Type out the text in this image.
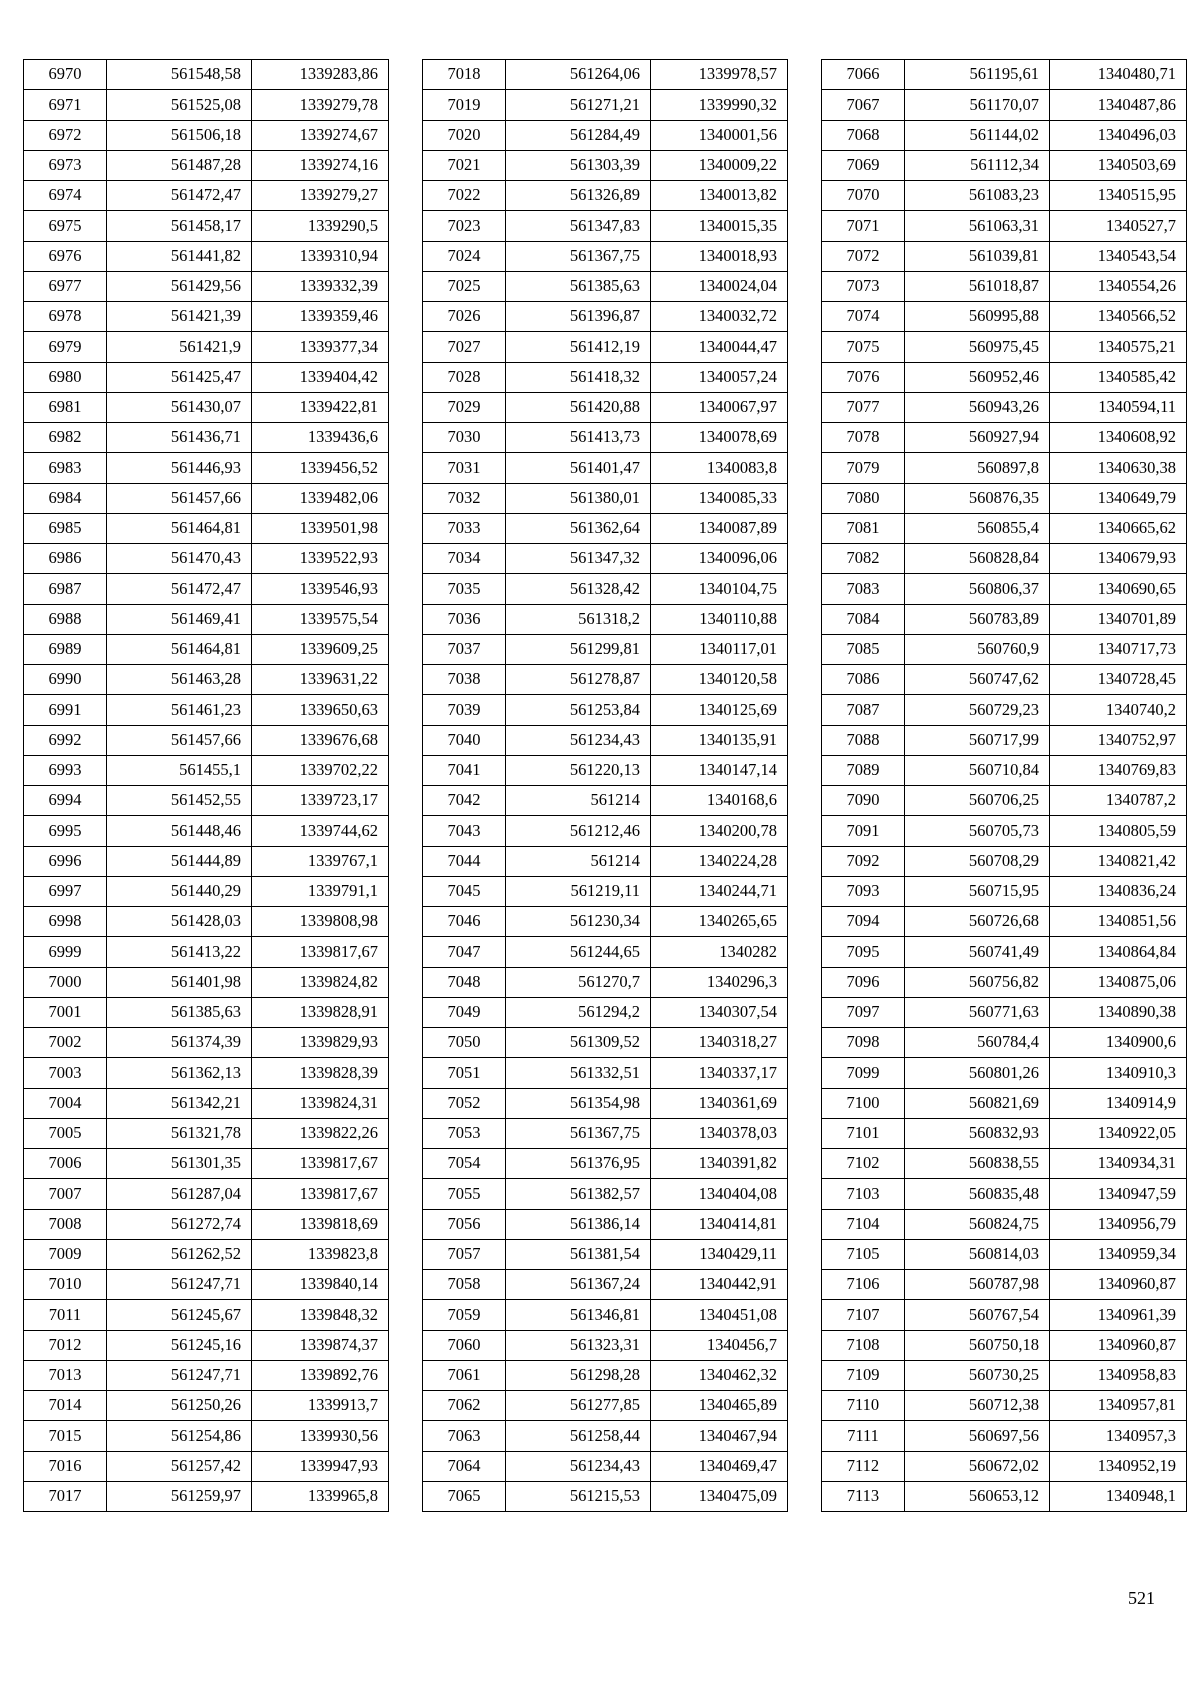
6970	561548,58	1339283,86
6971	561525,08	1339279,78
6972	561506,18	1339274,67
6973	561487,28	1339274,16
6974	561472,47	1339279,27
6975	561458,17	1339290,5
6976	561441,82	1339310,94
6977	561429,56	1339332,39
6978	561421,39	1339359,46
6979	561421,9	1339377,34
6980	561425,47	1339404,42
6981	561430,07	1339422,81
6982	561436,71	1339436,6
6983	561446,93	1339456,52
6984	561457,66	1339482,06
6985	561464,81	1339501,98
6986	561470,43	1339522,93
6987	561472,47	1339546,93
6988	561469,41	1339575,54
6989	561464,81	1339609,25
6990	561463,28	1339631,22
6991	561461,23	1339650,63
6992	561457,66	1339676,68
6993	561455,1	1339702,22
6994	561452,55	1339723,17
6995	561448,46	1339744,62
6996	561444,89	1339767,1
6997	561440,29	1339791,1
6998	561428,03	1339808,98
6999	561413,22	1339817,67
7000	561401,98	1339824,82
7001	561385,63	1339828,91
7002	561374,39	1339829,93
7003	561362,13	1339828,39
7004	561342,21	1339824,31
7005	561321,78	1339822,26
7006	561301,35	1339817,67
7007	561287,04	1339817,67
7008	561272,74	1339818,69
7009	561262,52	1339823,8
7010	561247,71	1339840,14
7011	561245,67	1339848,32
7012	561245,16	1339874,37
7013	561247,71	1339892,76
7014	561250,26	1339913,7
7015	561254,86	1339930,56
7016	561257,42	1339947,93
7017	561259,97	1339965,8
7018	561264,06	1339978,57
7019	561271,21	1339990,32
7020	561284,49	1340001,56
7021	561303,39	1340009,22
7022	561326,89	1340013,82
7023	561347,83	1340015,35
7024	561367,75	1340018,93
7025	561385,63	1340024,04
7026	561396,87	1340032,72
7027	561412,19	1340044,47
7028	561418,32	1340057,24
7029	561420,88	1340067,97
7030	561413,73	1340078,69
7031	561401,47	1340083,8
7032	561380,01	1340085,33
7033	561362,64	1340087,89
7034	561347,32	1340096,06
7035	561328,42	1340104,75
7036	561318,2	1340110,88
7037	561299,81	1340117,01
7038	561278,87	1340120,58
7039	561253,84	1340125,69
7040	561234,43	1340135,91
7041	561220,13	1340147,14
7042	561214	1340168,6
7043	561212,46	1340200,78
7044	561214	1340224,28
7045	561219,11	1340244,71
7046	561230,34	1340265,65
7047	561244,65	1340282
7048	561270,7	1340296,3
7049	561294,2	1340307,54
7050	561309,52	1340318,27
7051	561332,51	1340337,17
7052	561354,98	1340361,69
7053	561367,75	1340378,03
7054	561376,95	1340391,82
7055	561382,57	1340404,08
7056	561386,14	1340414,81
7057	561381,54	1340429,11
7058	561367,24	1340442,91
7059	561346,81	1340451,08
7060	561323,31	1340456,7
7061	561298,28	1340462,32
7062	561277,85	1340465,89
7063	561258,44	1340467,94
7064	561234,43	1340469,47
7065	561215,53	1340475,09
7066	561195,61	1340480,71
7067	561170,07	1340487,86
7068	561144,02	1340496,03
7069	561112,34	1340503,69
7070	561083,23	1340515,95
7071	561063,31	1340527,7
7072	561039,81	1340543,54
7073	561018,87	1340554,26
7074	560995,88	1340566,52
7075	560975,45	1340575,21
7076	560952,46	1340585,42
7077	560943,26	1340594,11
7078	560927,94	1340608,92
7079	560897,8	1340630,38
7080	560876,35	1340649,79
7081	560855,4	1340665,62
7082	560828,84	1340679,93
7083	560806,37	1340690,65
7084	560783,89	1340701,89
7085	560760,9	1340717,73
7086	560747,62	1340728,45
7087	560729,23	1340740,2
7088	560717,99	1340752,97
7089	560710,84	1340769,83
7090	560706,25	1340787,2
7091	560705,73	1340805,59
7092	560708,29	1340821,42
7093	560715,95	1340836,24
7094	560726,68	1340851,56
7095	560741,49	1340864,84
7096	560756,82	1340875,06
7097	560771,63	1340890,38
7098	560784,4	1340900,6
7099	560801,26	1340910,3
7100	560821,69	1340914,9
7101	560832,93	1340922,05
7102	560838,55	1340934,31
7103	560835,48	1340947,59
7104	560824,75	1340956,79
7105	560814,03	1340959,34
7106	560787,98	1340960,87
7107	560767,54	1340961,39
7108	560750,18	1340960,87
7109	560730,25	1340958,83
7110	560712,38	1340957,81
7111	560697,56	1340957,3
7112	560672,02	1340952,19
7113	560653,12	1340948,1
521
